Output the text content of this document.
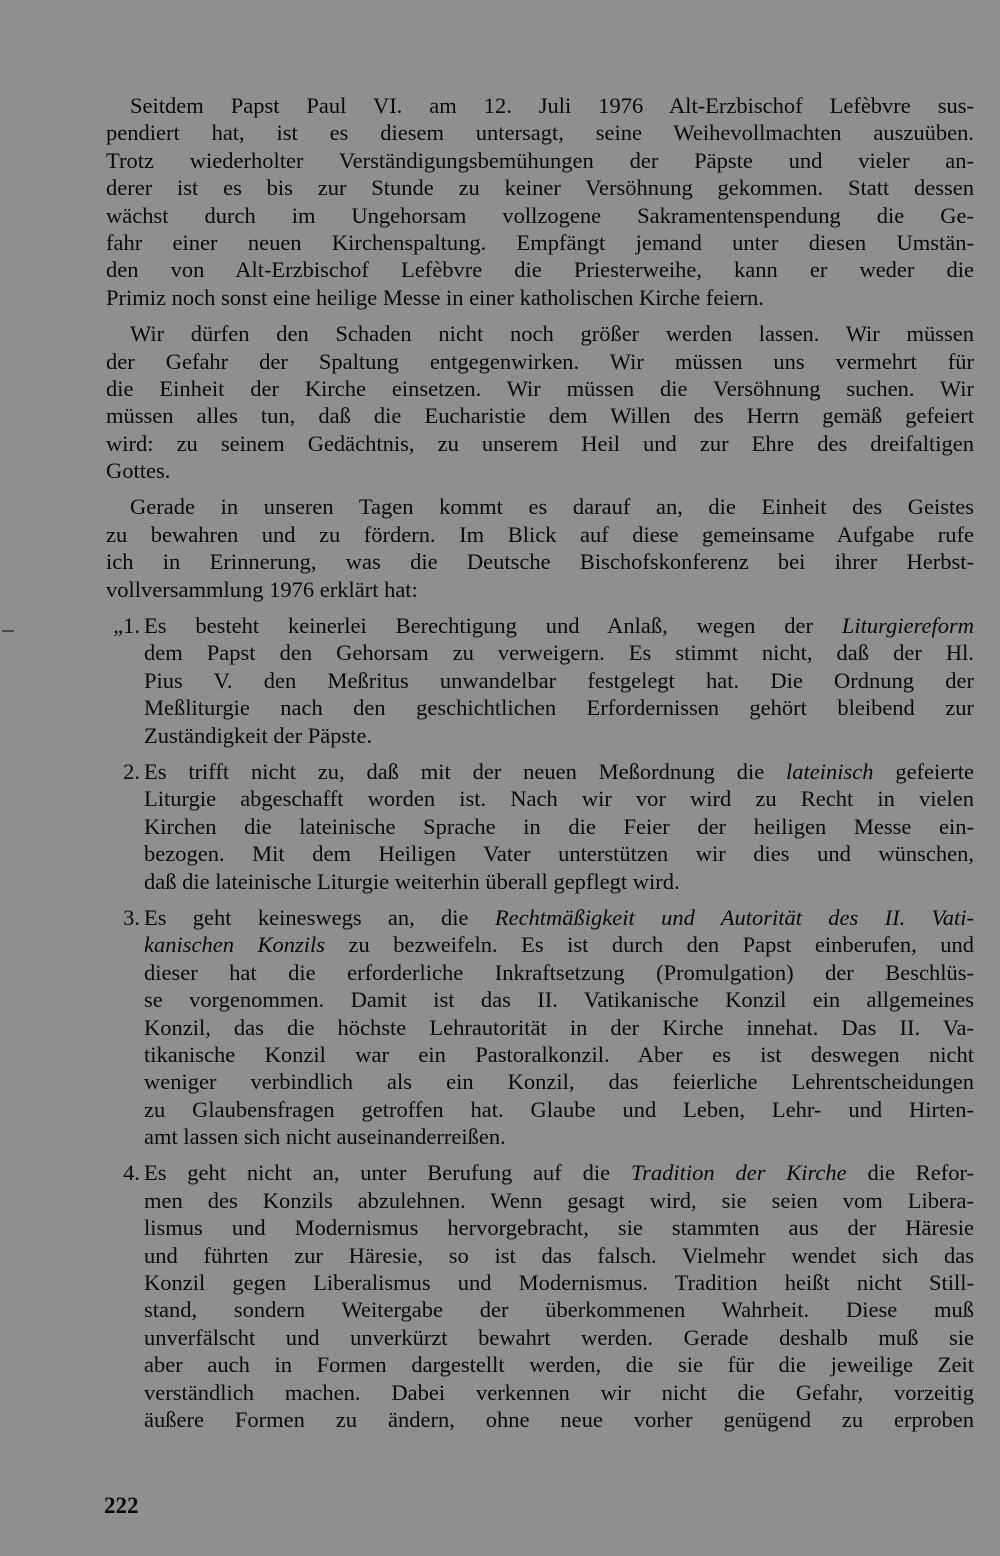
Seitdem Papst Paul VI. am 12. Juli 1976 Alt-Erzbischof Lefèbvre sus-
pendiert hat, ist es diesem untersagt, seine Weihevollmachten auszuüben.
Trotz wiederholter Verständigungsbemühungen der Päpste und vieler an-
derer ist es bis zur Stunde zu keiner Versöhnung gekommen. Statt dessen
wächst durch im Ungehorsam vollzogene Sakramentenspendung die Ge-
fahr einer neuen Kirchenspaltung. Empfängt jemand unter diesen Umstän-
den von Alt-Erzbischof Lefèbvre die Priesterweihe, kann er weder die
Primiz noch sonst eine heilige Messe in einer katholischen Kirche feiern.
Wir dürfen den Schaden nicht noch größer werden lassen. Wir müssen
der Gefahr der Spaltung entgegenwirken. Wir müssen uns vermehrt für
die Einheit der Kirche einsetzen. Wir müssen die Versöhnung suchen. Wir
müssen alles tun, daß die Eucharistie dem Willen des Herrn gemäß gefeiert
wird: zu seinem Gedächtnis, zu unserem Heil und zur Ehre des dreifaltigen
Gottes.
Gerade in unseren Tagen kommt es darauf an, die Einheit des Geistes
zu bewahren und zu fördern. Im Blick auf diese gemeinsame Aufgabe rufe
ich in Erinnerung, was die Deutsche Bischofskonferenz bei ihrer Herbst-
vollversammlung 1976 erklärt hat:
„1. Es besteht keinerlei Berechtigung und Anlaß, wegen der Liturgiereform
dem Papst den Gehorsam zu verweigern. Es stimmt nicht, daß der Hl.
Pius V. den Meßritus unwandelbar festgelegt hat. Die Ordnung der
Meßliturgie nach den geschichtlichen Erfordernissen gehört bleibend zur
Zuständigkeit der Päpste.
2. Es trifft nicht zu, daß mit der neuen Meßordnung die lateinisch gefeierte
Liturgie abgeschafft worden ist. Nach wir vor wird zu Recht in vielen
Kirchen die lateinische Sprache in die Feier der heiligen Messe ein-
bezogen. Mit dem Heiligen Vater unterstützen wir dies und wünschen,
daß die lateinische Liturgie weiterhin überall gepflegt wird.
3. Es geht keineswegs an, die Rechtmäßigkeit und Autorität des II. Vati-
kanischen Konzils zu bezweifeln. Es ist durch den Papst einberufen, und
dieser hat die erforderliche Inkraftsetzung (Promulgation) der Beschlüs-
se vorgenommen. Damit ist das II. Vatikanische Konzil ein allgemeines
Konzil, das die höchste Lehrautorität in der Kirche innehat. Das II. Va-
tikanische Konzil war ein Pastoralkonzil. Aber es ist deswegen nicht
weniger verbindlich als ein Konzil, das feierliche Lehrentscheidungen
zu Glaubensfragen getroffen hat. Glaube und Leben, Lehr- und Hirten-
amt lassen sich nicht auseinanderreißen.
4. Es geht nicht an, unter Berufung auf die Tradition der Kirche die Refor-
men des Konzils abzulehnen. Wenn gesagt wird, sie seien vom Libera-
lismus und Modernismus hervorgebracht, sie stammten aus der Häresie
und führten zur Häresie, so ist das falsch. Vielmehr wendet sich das
Konzil gegen Liberalismus und Modernismus. Tradition heißt nicht Still-
stand, sondern Weitergabe der überkommenen Wahrheit. Diese muß
unverfälscht und unverkürzt bewahrt werden. Gerade deshalb muß sie
aber auch in Formen dargestellt werden, die sie für die jeweilige Zeit
verständlich machen. Dabei verkennen wir nicht die Gefahr, vorzeitig
äußere Formen zu ändern, ohne neue vorher genügend zu erproben
222
